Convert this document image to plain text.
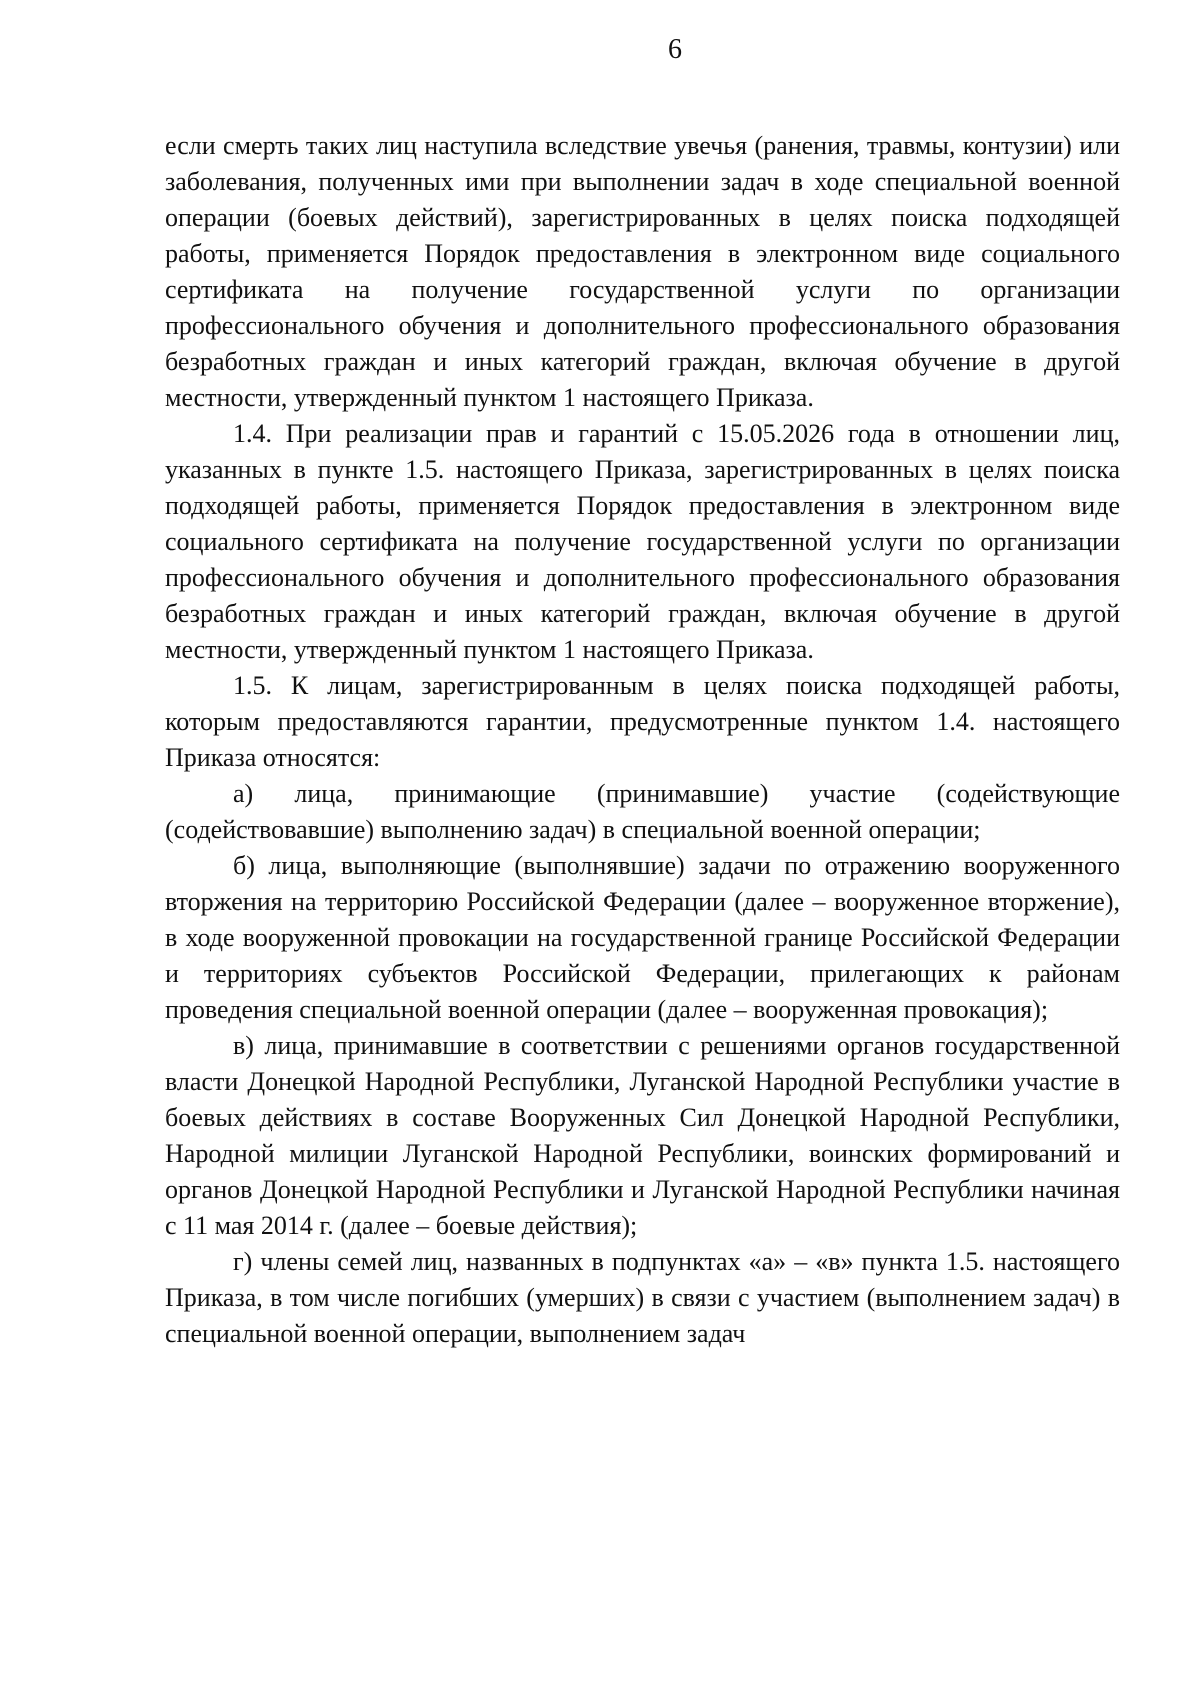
6

если смерть таких лиц наступила вследствие увечья (ранения, травмы, контузии) или заболевания, полученных ими при выполнении задач в ходе специальной военной операции (боевых действий), зарегистрированных в целях поиска подходящей работы, применяется Порядок предоставления в электронном виде социального сертификата на получение государственной услуги по организации профессионального обучения и дополнительного профессионального образования безработных граждан и иных категорий граждан, включая обучение в другой местности, утвержденный пунктом 1 настоящего Приказа.

1.4. При реализации прав и гарантий с 15.05.2026 года в отношении лиц, указанных в пункте 1.5. настоящего Приказа, зарегистрированных в целях поиска подходящей работы, применяется Порядок предоставления в электронном виде социального сертификата на получение государственной услуги по организации профессионального обучения и дополнительного профессионального образования безработных граждан и иных категорий граждан, включая обучение в другой местности, утвержденный пунктом 1 настоящего Приказа.

1.5. К лицам, зарегистрированным в целях поиска подходящей работы, которым предоставляются гарантии, предусмотренные пунктом 1.4. настоящего Приказа относятся:

а) лица, принимающие (принимавшие) участие (содействующие (содействовавшие) выполнению задач) в специальной военной операции;

б) лица, выполняющие (выполнявшие) задачи по отражению вооруженного вторжения на территорию Российской Федерации (далее – вооруженное вторжение), в ходе вооруженной провокации на государственной границе Российской Федерации и территориях субъектов Российской Федерации, прилегающих к районам проведения специальной военной операции (далее – вооруженная провокация);

в) лица, принимавшие в соответствии с решениями органов государственной власти Донецкой Народной Республики, Луганской Народной Республики участие в боевых действиях в составе Вооруженных Сил Донецкой Народной Республики, Народной милиции Луганской Народной Республики, воинских формирований и органов Донецкой Народной Республики и Луганской Народной Республики начиная с 11 мая 2014 г. (далее – боевые действия);

г) члены семей лиц, названных в подпунктах «а» – «в» пункта 1.5. настоящего Приказа, в том числе погибших (умерших) в связи с участием (выполнением задач) в специальной военной операции, выполнением задач
